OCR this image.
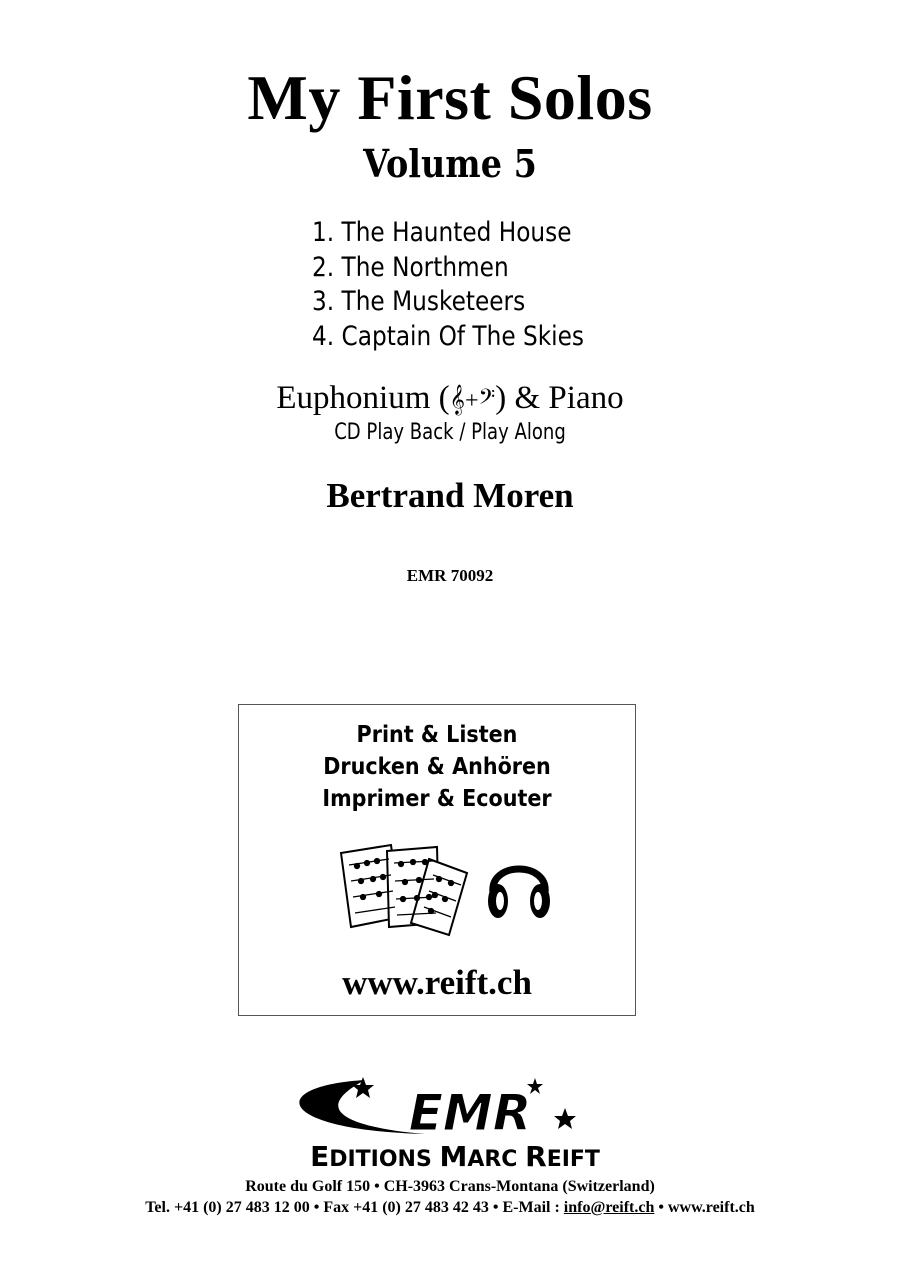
My First Solos
Volume 5
1. The Haunted House
2. The Northmen
3. The Musketeers
4. Captain Of The Skies
Euphonium (𝄞+𝄢) & Piano
CD Play Back / Play Along
Bertrand Moren
EMR 70092
Print & Listen
Drucken & Anhören
Imprimer & Ecouter
www.reift.ch
EMR
EDITIONS MARC REIFT
Route du Golf 150 • CH-3963 Crans-Montana (Switzerland)
Tel. +41 (0) 27 483 12 00 • Fax +41 (0) 27 483 42 43 • E-Mail : info@reift.ch • www.reift.ch
